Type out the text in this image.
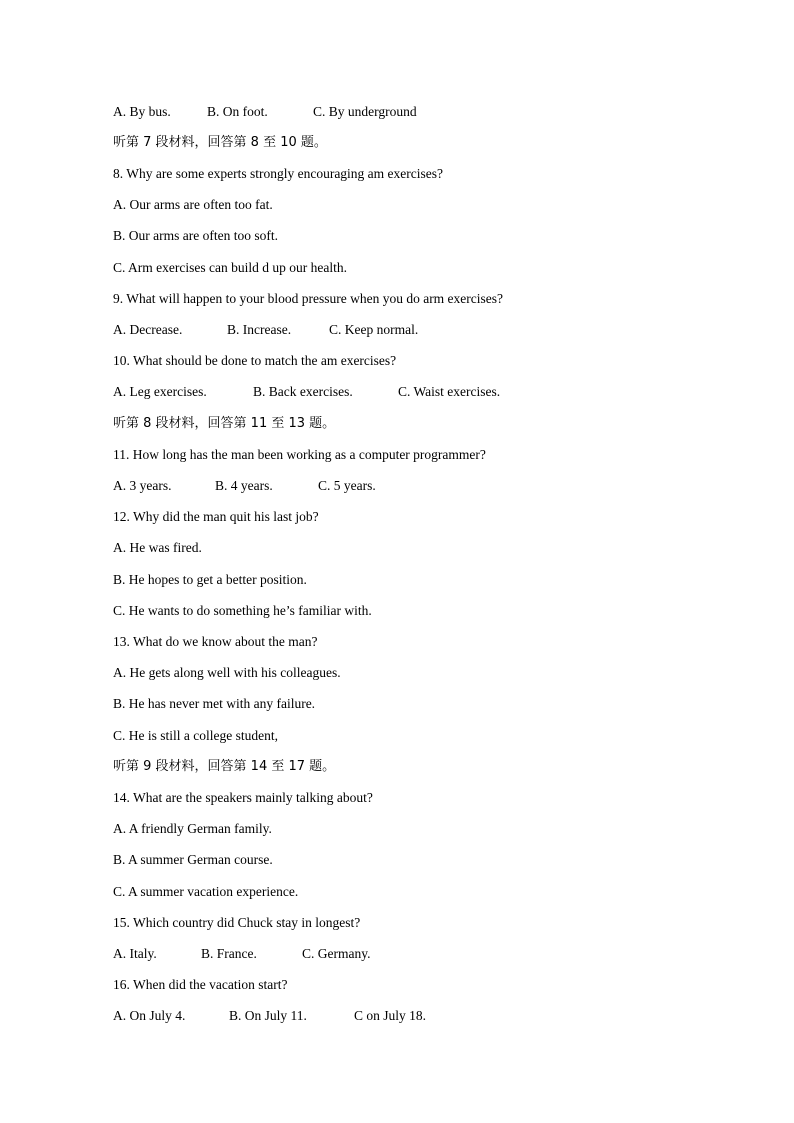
A. By bus.	B. On foot.	C. By underground
听第 7 段材料，回答第 8 至 10 题。
8. Why are some experts strongly encouraging am exercises?
A. Our arms are often too fat.
B. Our arms are often too soft.
C. Arm exercises can build d up our health.
9. What will happen to your blood pressure when you do arm exercises?
A. Decrease.	B. Increase.	C. Keep normal.
10. What should be done to match the am exercises?
A. Leg exercises.	B. Back exercises.	C. Waist exercises.
听第 8 段材料，回答第 11 至 13 题。
11. How long has the man been working as a computer programmer?
A. 3 years.	B. 4 years.	C. 5 years.
12. Why did the man quit his last job?
A. He was fired.
B. He hopes to get a better position.
C. He wants to do something he’s familiar with.
13. What do we know about the man?
A. He gets along well with his colleagues.
B. He has never met with any failure.
C. He is still a college student,
听第 9 段材料，回答第 14 至 17 题。
14. What are the speakers mainly talking about?
A. A friendly German family.
B. A summer German course.
C. A summer vacation experience.
15. Which country did Chuck stay in longest?
A. Italy.	B. France.	C. Germany.
16. When did the vacation start?
A. On July 4.	B. On July 11.	C on July 18.
